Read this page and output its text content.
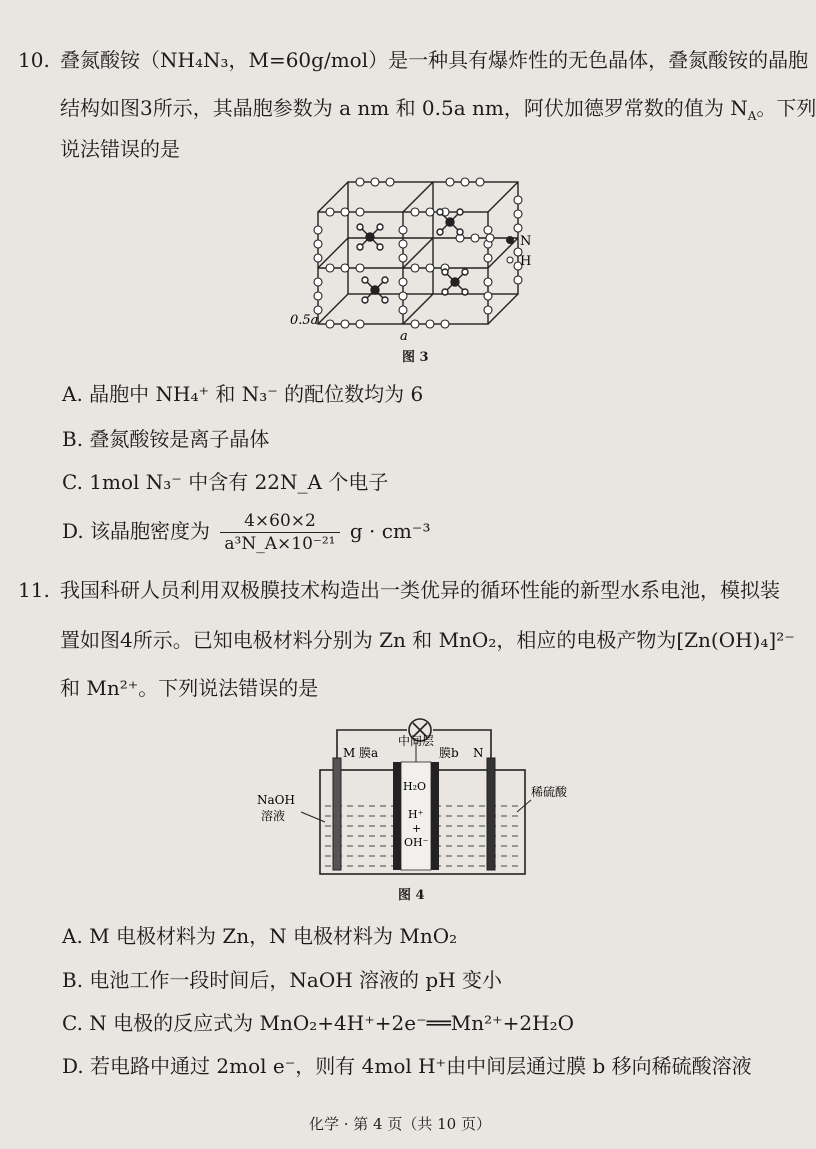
10. 叠氮酸铵（NH₄N₃，M=60g/mol）是一种具有爆炸性的无色晶体，叠氮酸铵的晶胞
结构如图3所示，其晶胞参数为 a nm 和 0.5a nm，阿伏加德罗常数的值为 $N_A$。下列
说法错误的是
N
H
0.5a
a
图 3
A. 晶胞中 NH₄⁺ 和 N₃⁻ 的配位数均为 6
B. 叠氮酸铵是离子晶体
C. 1mol N₃⁻ 中含有 22N_A 个电子
D. 该晶胞密度为 $\frac{4\times 60\times 2}{\text{a³N\_A×10⁻²¹}}$ g · cm⁻³
11. 我国科研人员利用双极膜技术构造出一类优异的循环性能的新型水系电池，模拟装
置如图4所示。已知电极材料分别为 Zn 和 MnO₂，相应的电极产物为[Zn(OH)₄]²⁻
和 Mn²⁺。下列说法错误的是
中间层
M 膜a	膜b N
H₂O
H⁺
+
OH⁻
NaOH
溶液
稀硫酸
图 4
A. M 电极材料为 Zn，N 电极材料为 MnO₂
B. 电池工作一段时间后，NaOH 溶液的 pH 变小
C. N 电极的反应式为 MnO₂+4H⁺+2e⁻══Mn²⁺+2H₂O
D. 若电路中通过 2mol e⁻，则有 4mol H⁺由中间层通过膜 b 移向稀硫酸溶液
化学 · 第 4 页（共 10 页）
